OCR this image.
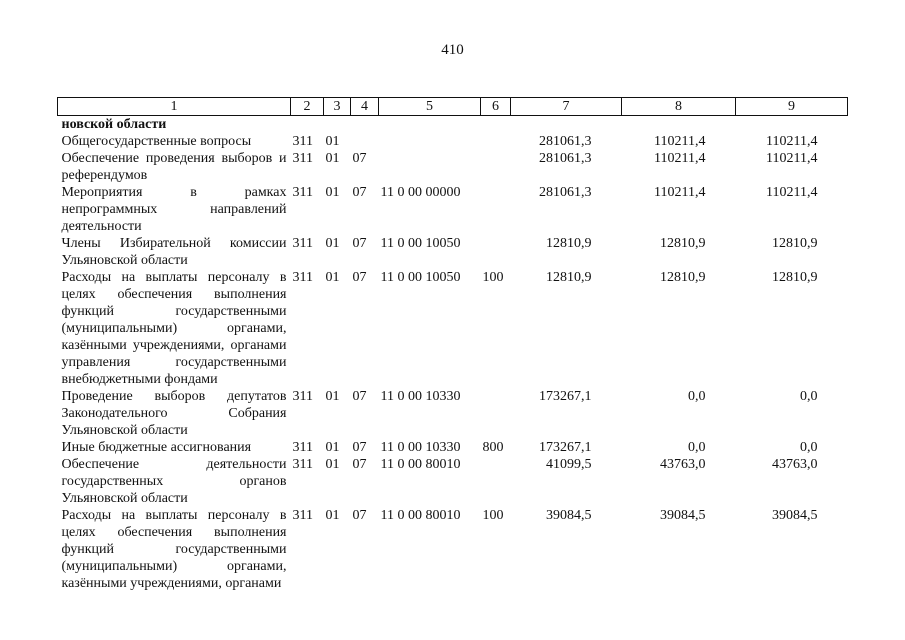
410
1	2	3	4	5	6	7	8	9
новской области								
Общегосударственные вопросы	311	01				281061,3	110211,4	110211,4
Обеспечение проведения выборов и референдумов	311	01	07			281061,3	110211,4	110211,4
Мероприятия в рамках непрограммных направлений деятельности	311	01	07	11 0 00 00000		281061,3	110211,4	110211,4
Члены Избирательной комиссии Ульяновской области	311	01	07	11 0 00 10050		12810,9	12810,9	12810,9
Расходы на выплаты персоналу в целях обеспечения выполнения функций государственными (муниципальными) органами, казёнными учреждениями, органами управления государственными внебюджетными фондами	311	01	07	11 0 00 10050	100	12810,9	12810,9	12810,9
Проведение выборов депутатов Законодательного Собрания Ульяновской области	311	01	07	11 0 00 10330		173267,1	0,0	0,0
Иные бюджетные ассигнования	311	01	07	11 0 00 10330	800	173267,1	0,0	0,0
Обеспечение деятельности государственных органов Ульяновской области	311	01	07	11 0 00 80010		41099,5	43763,0	43763,0
Расходы на выплаты персоналу в целях обеспечения выполнения функций государственными (муниципальными) органами, казёнными учреждениями, органами	311	01	07	11 0 00 80010	100	39084,5	39084,5	39084,5
